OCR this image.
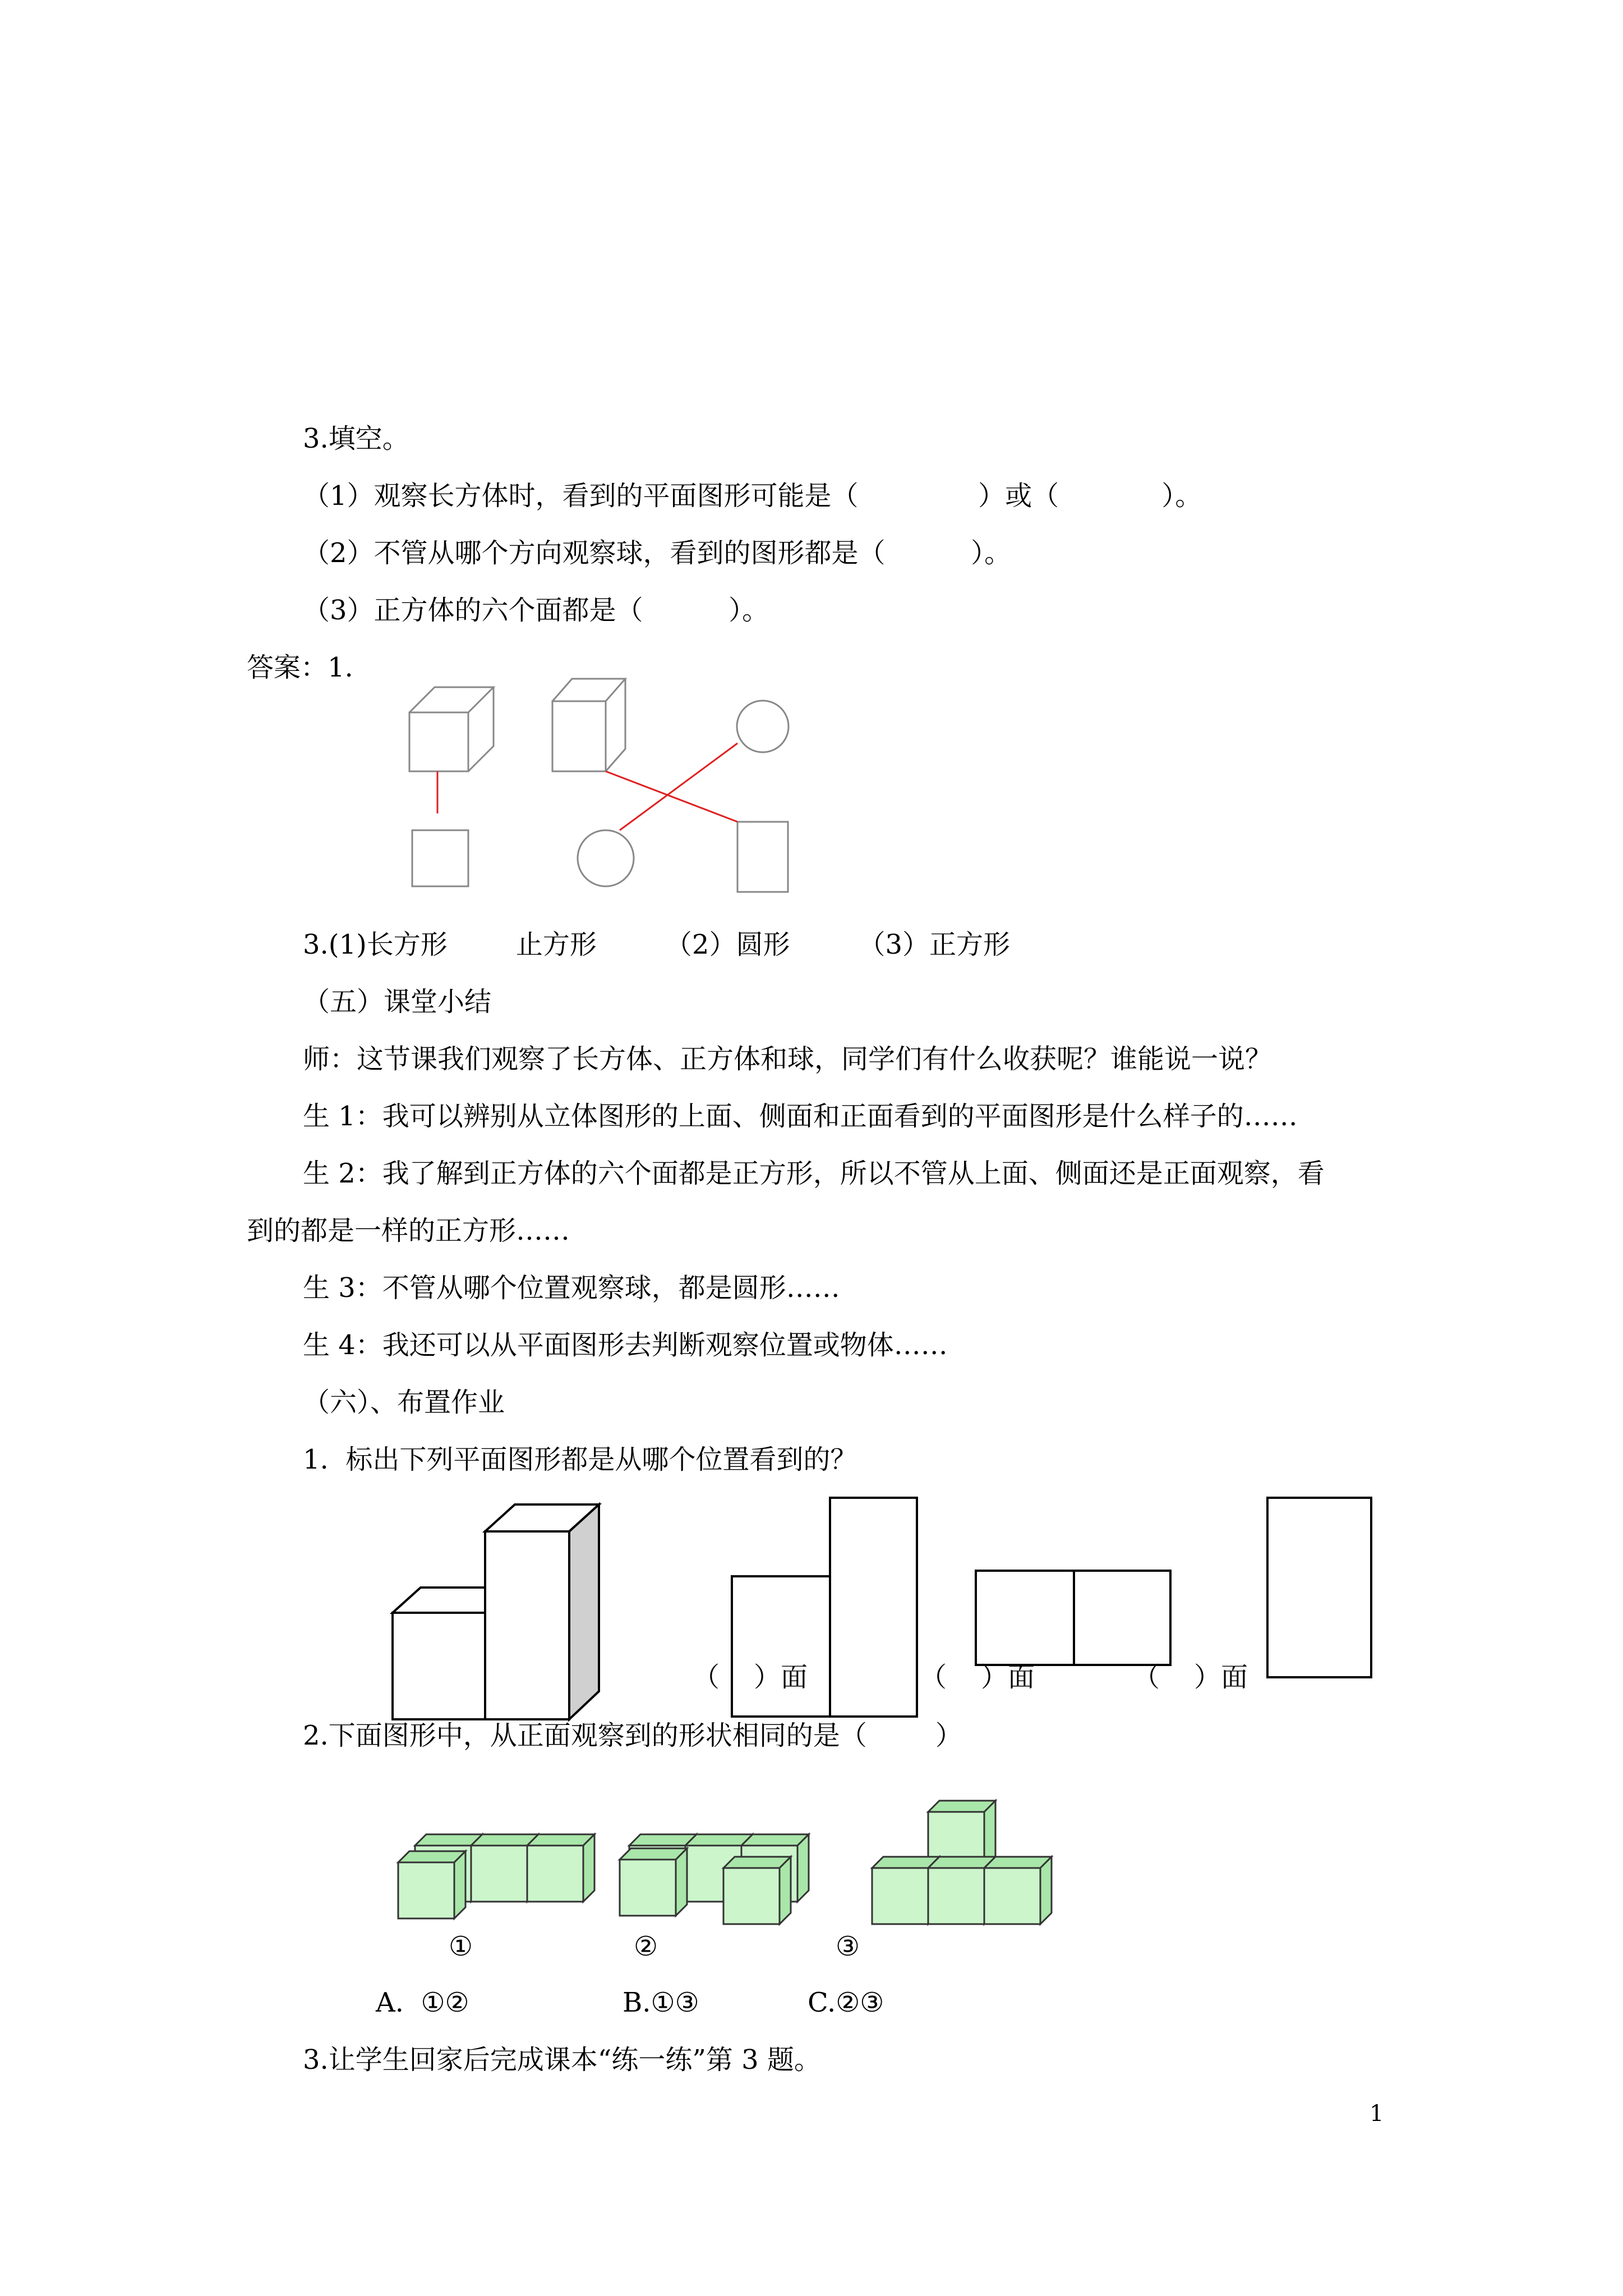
3.填空。
（1）观察长方体时，看到的平面图形可能是（              ）或（            ）。
（2）不管从哪个方向观察球，看到的图形都是（          ）。
（3）正方体的六个面都是（          ）。
答案：1.
3.(1)长方形        止方形        （2）圆形        （3）正方形
（五）课堂小结
师：这节课我们观察了长方体、正方体和球，同学们有什么收获呢？谁能说一说？
生 1：我可以辨别从立体图形的上面、侧面和正面看到的平面图形是什么样子的……
生 2：我了解到正方体的六个面都是正方形，所以不管从上面、侧面还是正面观察，看
到的都是一样的正方形……
生 3：不管从哪个位置观察球，都是圆形……
生 4：我还可以从平面图形去判断观察位置或物体……
（六）、布置作业
1.  标出下列平面图形都是从哪个位置看到的？
（    ）面	（    ）面	（    ）面
2.下面图形中，从正面观察到的形状相同的是（        ）
①	②	③
A.  ①②	B.①③	C.②③
3.让学生回家后完成课本“练一练”第 3 题。
1
